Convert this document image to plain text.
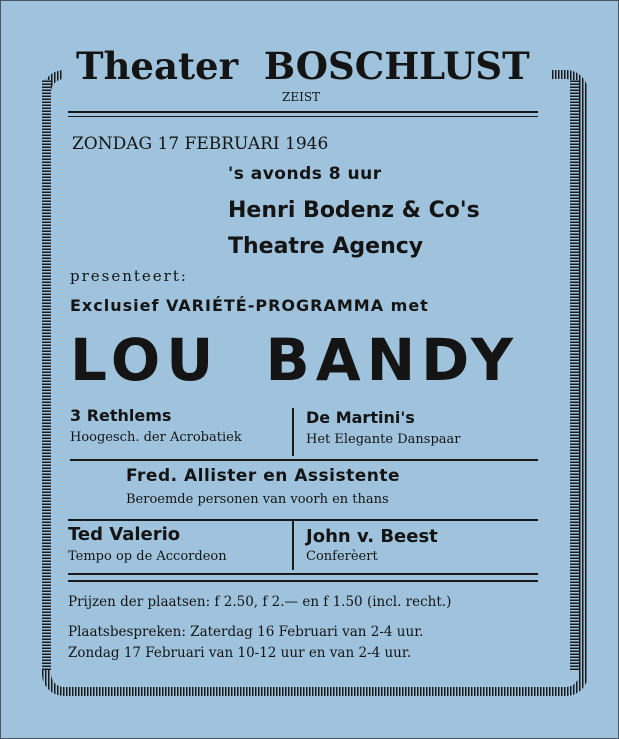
Theater BOSCHLUST
ZEIST
ZONDAG 17 FEBRUARI 1946
's avonds 8 uur
Henri Bodenz & Co's
Theatre Agency
presenteert:
Exclusief VARIÉTÉ-PROGRAMMA met
LOU BANDY
3 Rethlems
Hoogesch. der Acrobatiek
De Martini's
Het Elegante Danspaar
Fred. Allister en Assistente
Beroemde personen van voorh en thans
Ted Valerio
Tempo op de Accordeon
John v. Beest
Conferèert
Prijzen der plaatsen: f 2.50, f 2.— en f 1.50 (incl. recht.)
Plaatsbespreken: Zaterdag 16 Februari van 2-4 uur.
Zondag 17 Februari van 10-12 uur en van 2-4 uur.
